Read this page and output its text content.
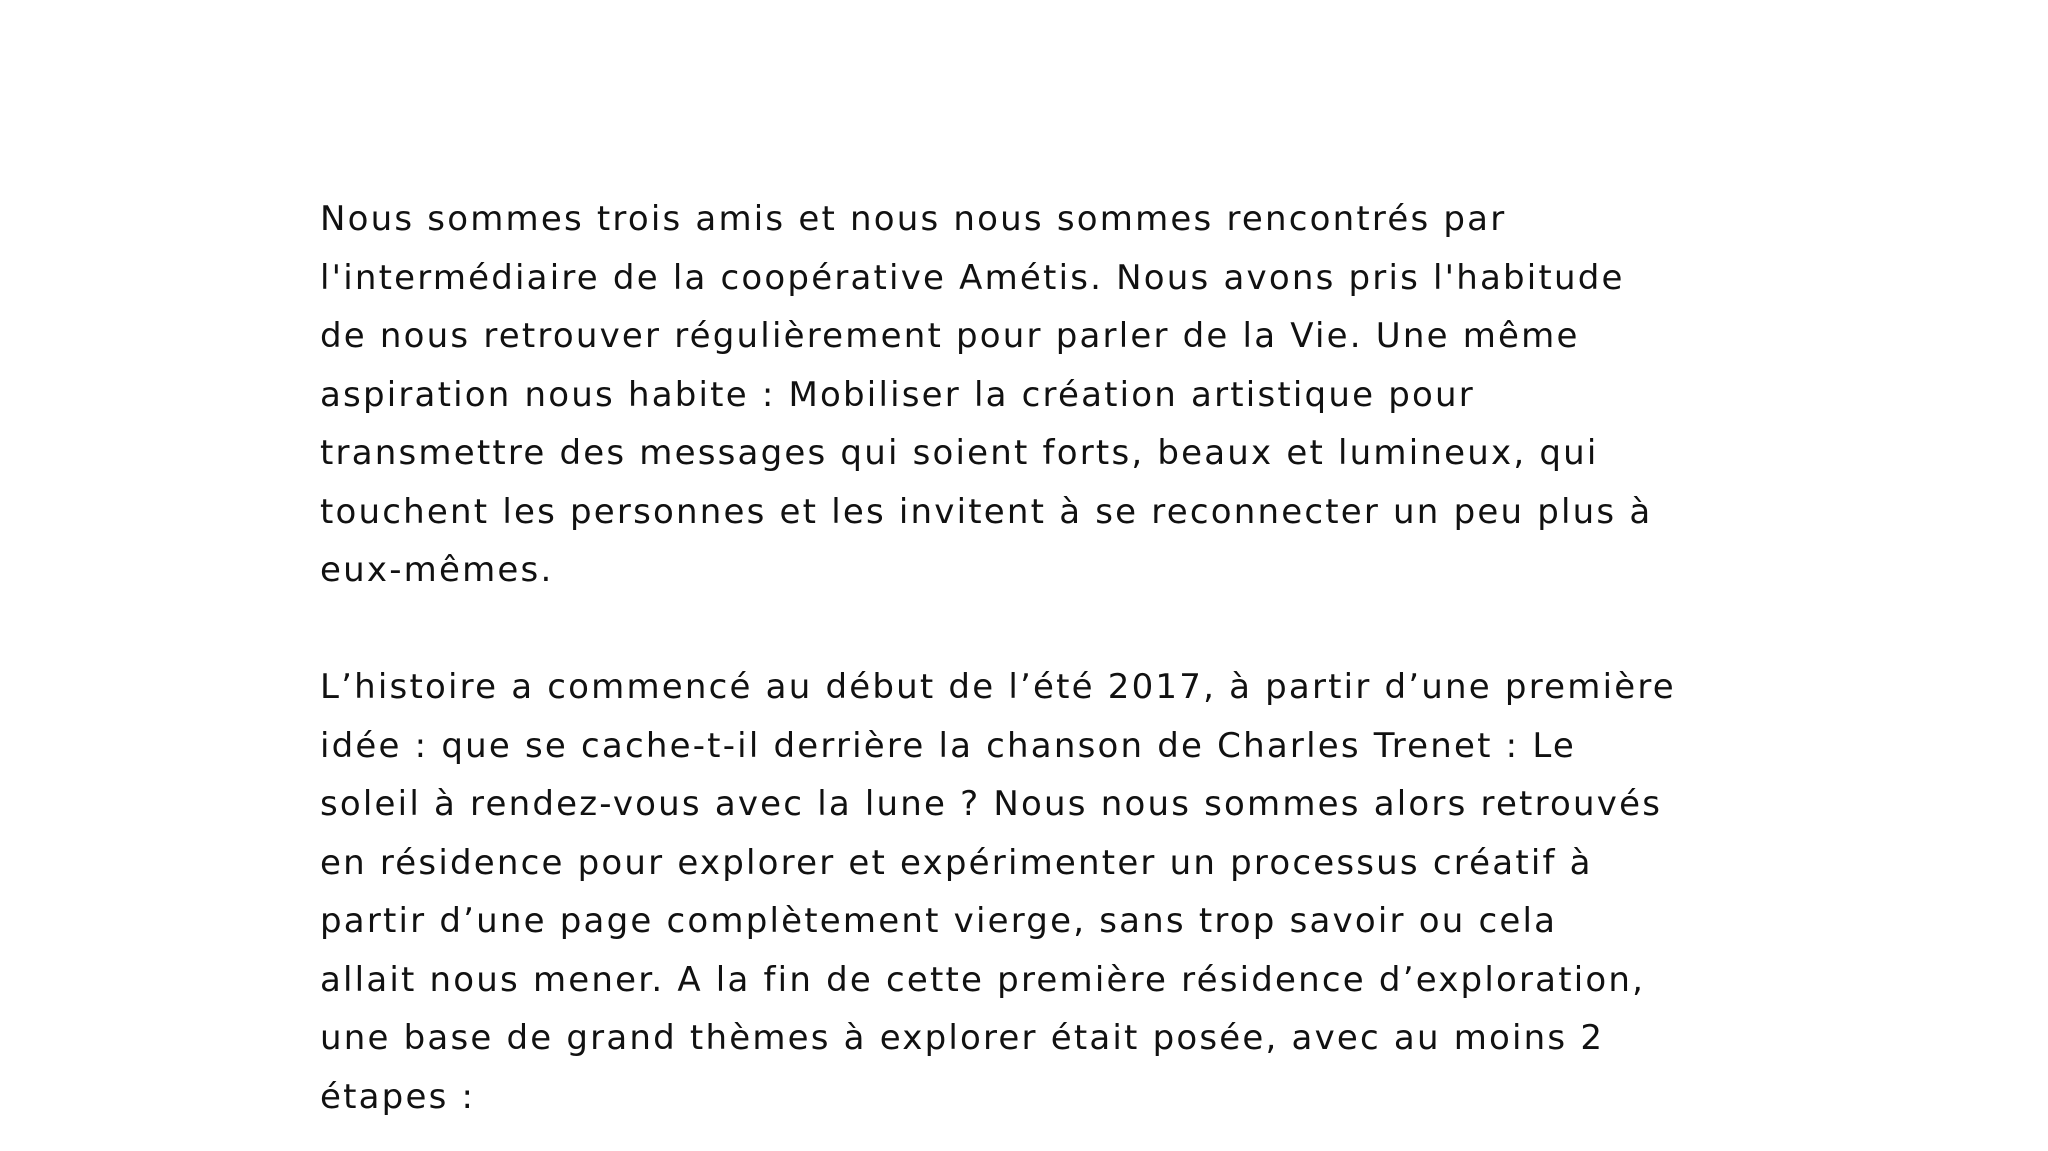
Nous sommes trois amis et nous nous sommes rencontrés par
l'intermédiaire de la coopérative Amétis. Nous avons pris l'habitude
de nous retrouver régulièrement pour parler de la Vie. Une même
aspiration nous habite : Mobiliser la création artistique pour
transmettre des messages qui soient forts, beaux et lumineux, qui
touchent les personnes et les invitent à se reconnecter un peu plus à
eux-mêmes.
L’histoire a commencé au début de l’été 2017, à partir d’une première
idée : que se cache-t-il derrière la chanson de Charles Trenet : Le
soleil à rendez-vous avec la lune ? Nous nous sommes alors retrouvés
en résidence pour explorer et expérimenter un processus créatif à
partir d’une page complètement vierge, sans trop savoir ou cela
allait nous mener. A la fin de cette première résidence d’exploration,
une base de grand thèmes à explorer était posée, avec au moins 2
étapes :
